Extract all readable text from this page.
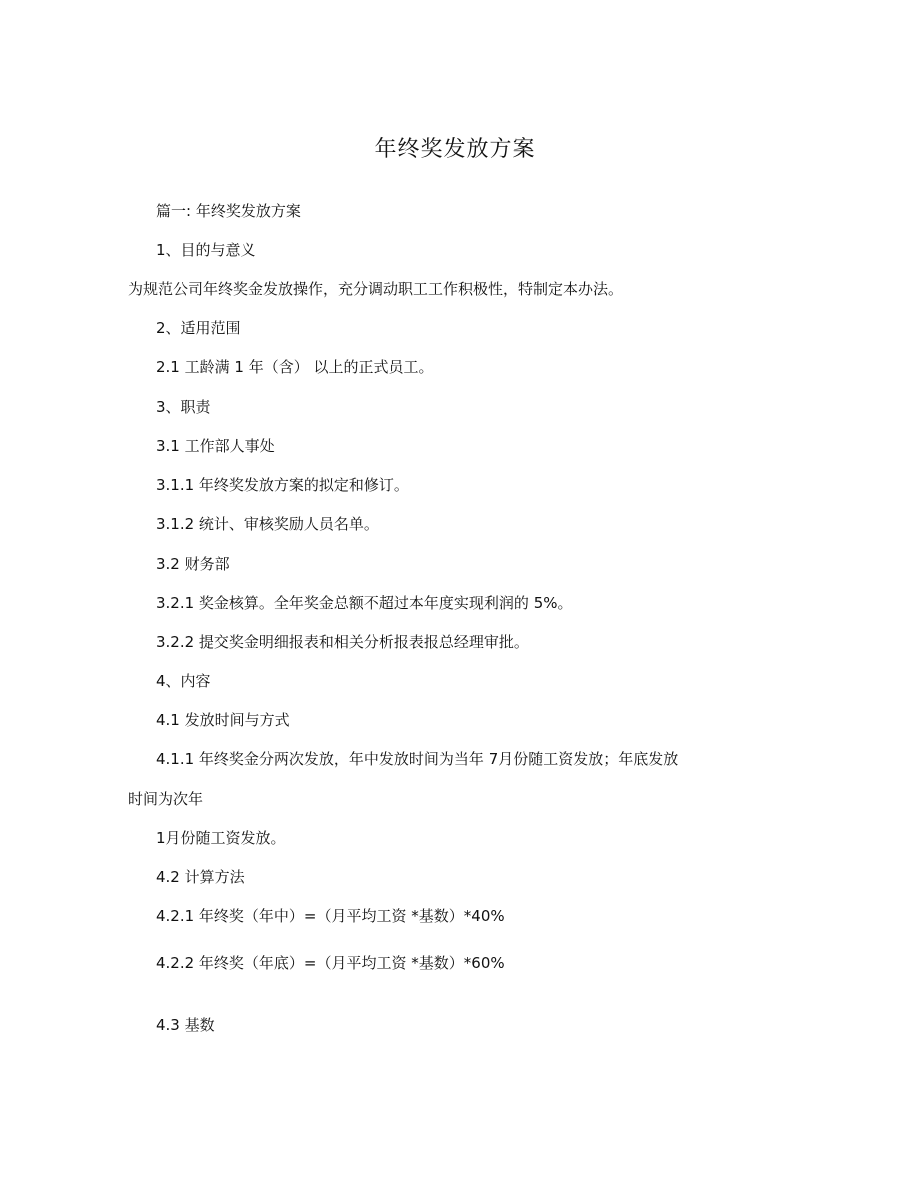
年终奖发放方案
篇一: 年终奖发放方案
1、目的与意义
为规范公司年终奖金发放操作，充分调动职工工作积极性，特制定本办法。
2、适用范围
2.1 工龄满 1 年（含） 以上的正式员工。
3、职责
3.1 工作部人事处
3.1.1 年终奖发放方案的拟定和修订。
3.1.2 统计、审核奖励人员名单。
3.2 财务部
3.2.1 奖金核算。全年奖金总额不超过本年度实现利润的 5%。
3.2.2 提交奖金明细报表和相关分析报表报总经理审批。
4、内容
4.1 发放时间与方式
4.1.1 年终奖金分两次发放，年中发放时间为当年 7月份随工资发放；年底发放
时间为次年
1月份随工资发放。
4.2 计算方法
4.2.1 年终奖（年中）=（月平均工资 *基数）*40%
4.2.2 年终奖（年底）=（月平均工资 *基数）*60%
4.3 基数
